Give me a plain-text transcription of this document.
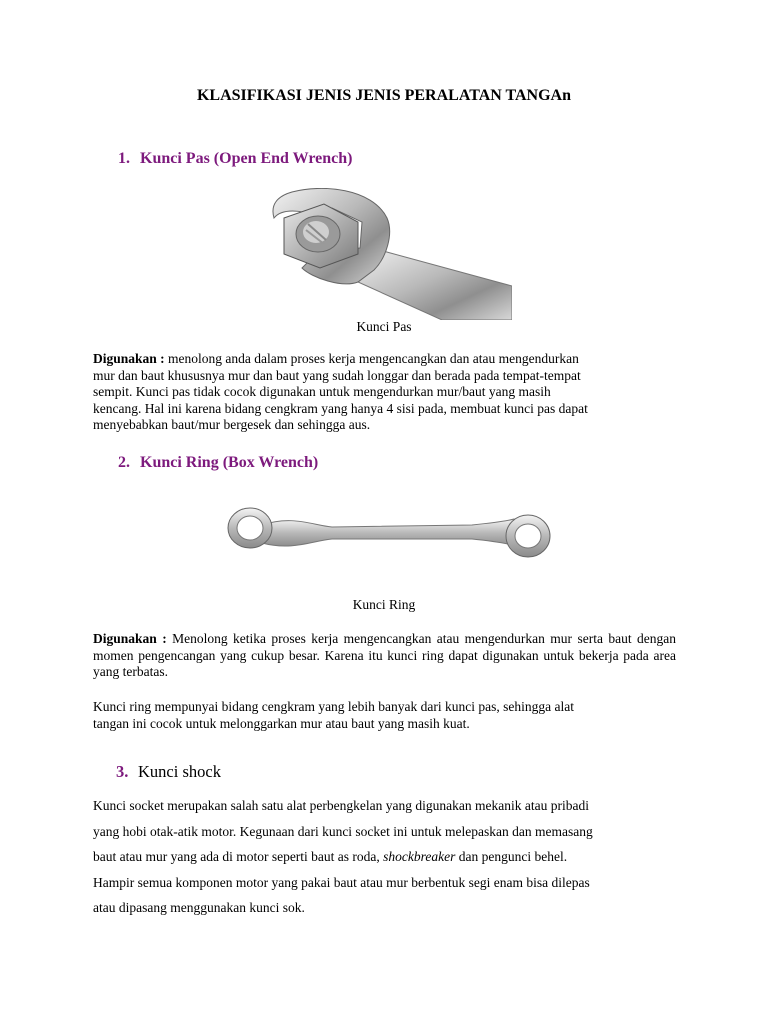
KLASIFIKASI JENIS JENIS PERALATAN TANGAn
1. Kunci Pas (Open End Wrench)
Kunci Pas
Digunakan : menolong anda dalam proses kerja mengencangkan dan atau mengendurkan
mur dan baut khususnya mur dan baut yang sudah longgar dan berada pada tempat-tempat
sempit. Kunci pas tidak cocok digunakan untuk mengendurkan mur/baut yang masih
kencang. Hal ini karena bidang cengkram yang hanya 4 sisi pada, membuat kunci pas dapat
menyebabkan baut/mur bergesek dan sehingga aus.
2. Kunci Ring (Box Wrench)
Kunci Ring
Digunakan : Menolong ketika proses kerja mengencangkan atau mengendurkan mur serta baut dengan momen pengencangan yang cukup besar. Karena itu kunci ring dapat digunakan untuk bekerja pada area yang terbatas.
Kunci ring mempunyai bidang cengkram yang lebih banyak dari kunci pas, sehingga alat
tangan ini cocok untuk melonggarkan mur atau baut yang masih kuat.
3. Kunci shock
Kunci socket merupakan salah satu alat perbengkelan yang digunakan mekanik atau pribadi
yang hobi otak-atik motor. Kegunaan dari kunci socket ini untuk melepaskan dan memasang
baut atau mur yang ada di motor seperti baut as roda, shockbreaker dan pengunci behel.
Hampir semua komponen motor yang pakai baut atau mur berbentuk segi enam bisa dilepas
atau dipasang menggunakan kunci sok.
